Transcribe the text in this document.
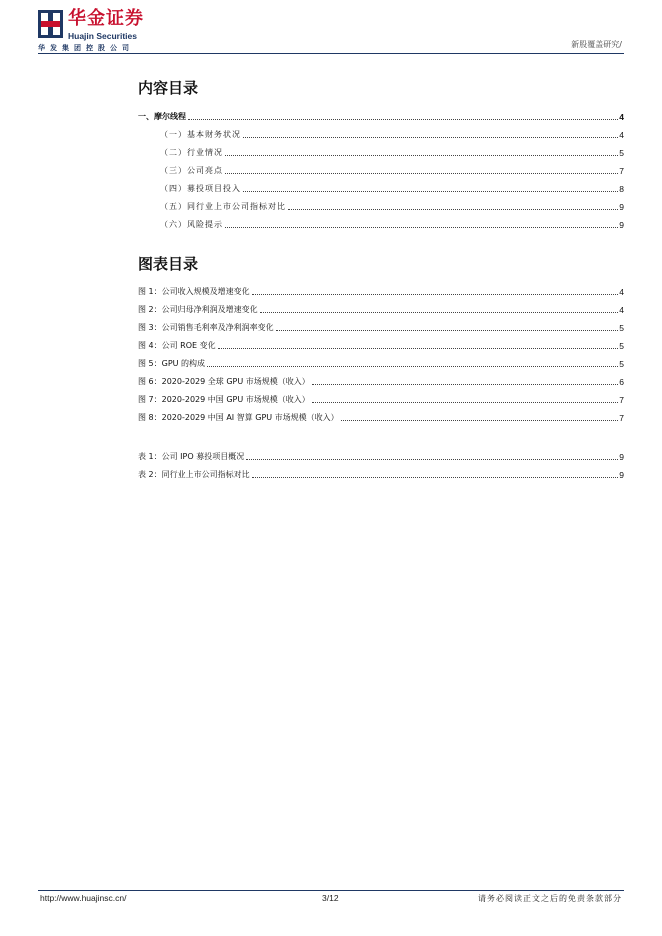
华金证券
Huajin Securities
华发集团控股公司	新股覆盖研究/
内容目录
一、摩尔线程	4
（一）基本财务状况	4
（二）行业情况	5
（三）公司亮点	7
（四）募投项目投入	8
（五）同行业上市公司指标对比	9
（六）风险提示	9
图表目录
图 1：公司收入规模及增速变化	4
图 2：公司归母净利润及增速变化	4
图 3：公司销售毛利率及净利润率变化	5
图 4：公司 ROE 变化	5
图 5：GPU 的构成	5
图 6：2020-2029 全球 GPU 市场规模（收入）	6
图 7：2020-2029 中国 GPU 市场规模（收入）	7
图 8：2020-2029 中国 AI 智算 GPU 市场规模（收入）	7
表 1：公司 IPO 募投项目概况	9
表 2：同行业上市公司指标对比	9
http://www.huajinsc.cn/	3/12	请务必阅读正文之后的免责条款部分
